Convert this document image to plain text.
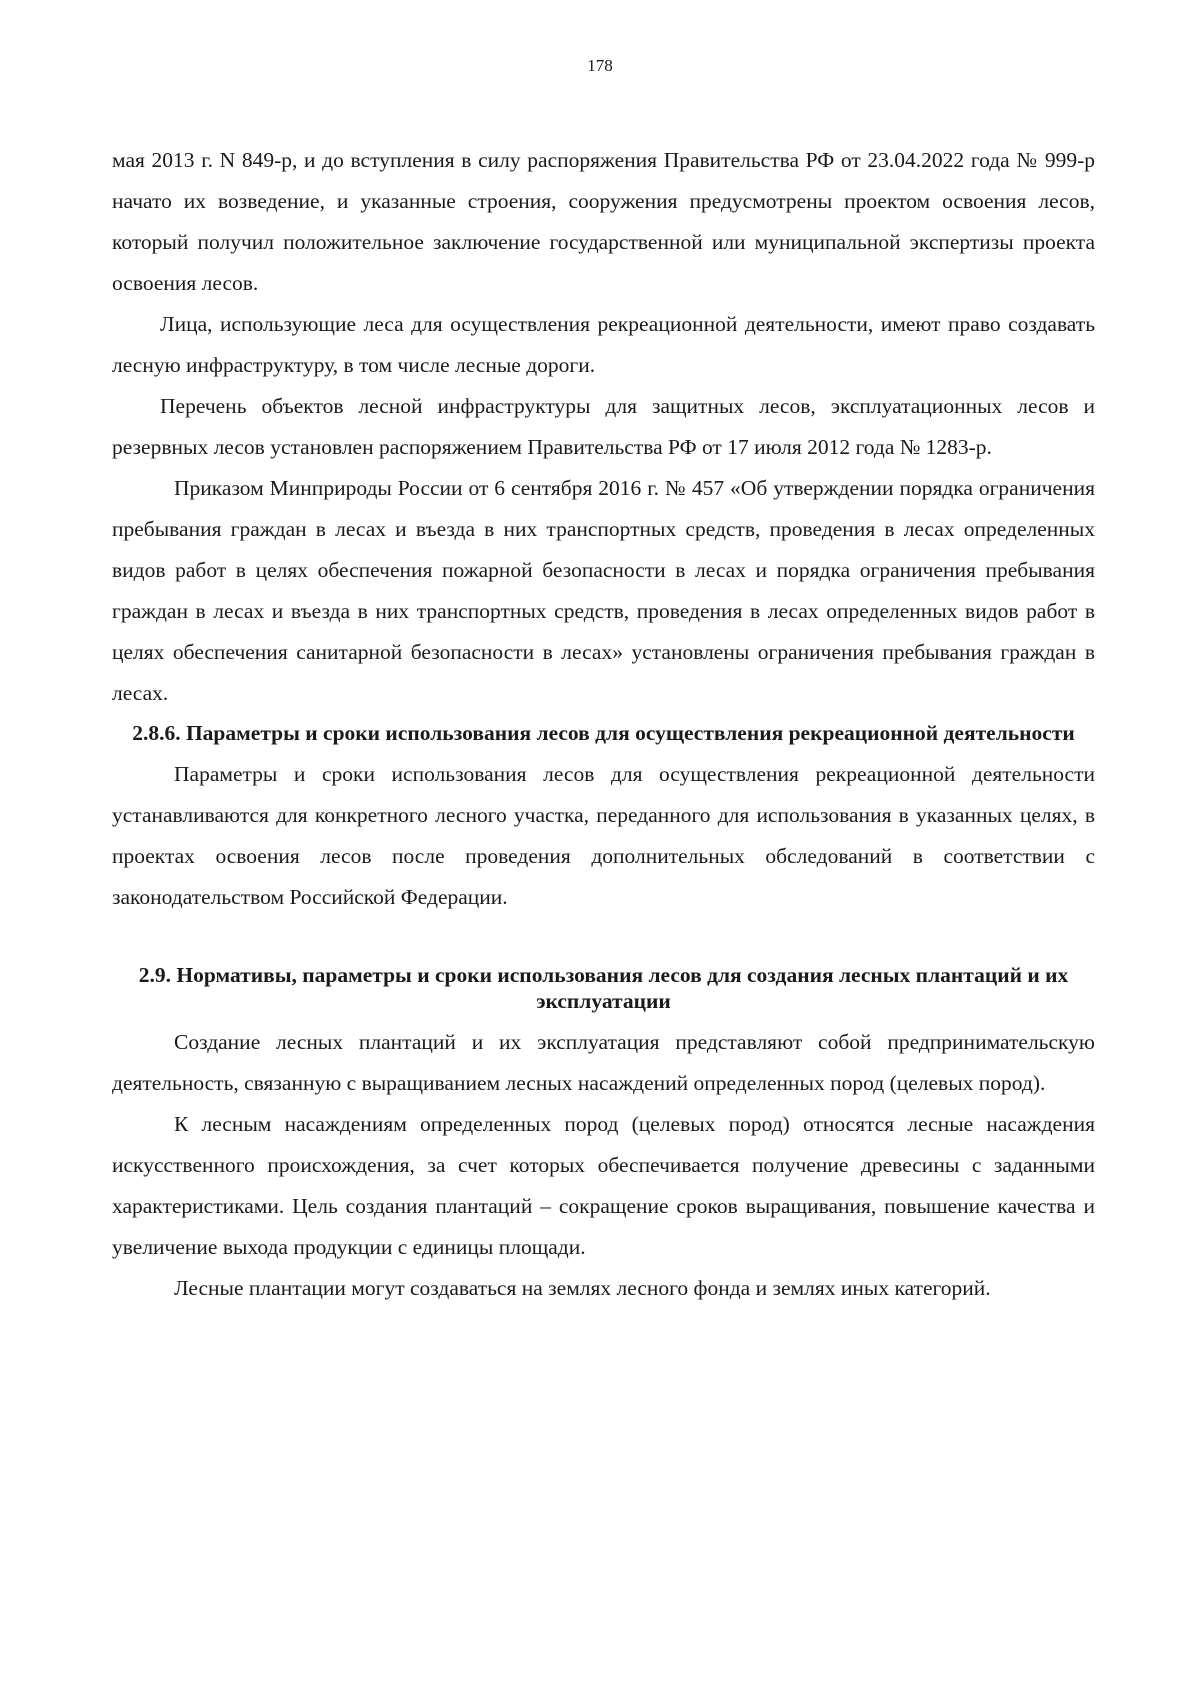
178

мая 2013 г. N 849-р, и до вступления в силу распоряжения Правительства РФ от 23.04.2022 года № 999-р начато их возведение, и указанные строения, сооружения предусмотрены проектом освоения лесов, который получил положительное заключение государственной или муниципальной экспертизы проекта освоения лесов.

Лица, использующие леса для осуществления рекреационной деятельности, имеют право создавать лесную инфраструктуру, в том числе лесные дороги.

Перечень объектов лесной инфраструктуры для защитных лесов, эксплуатационных лесов и резервных лесов установлен распоряжением Правительства РФ от 17 июля 2012 года № 1283-р.

Приказом Минприроды России от 6 сентября 2016 г. № 457 «Об утверждении порядка ограничения пребывания граждан в лесах и въезда в них транспортных средств, проведения в лесах определенных видов работ в целях обеспечения пожарной безопасности в лесах и порядка ограничения пребывания граждан в лесах и въезда в них транспортных средств, проведения в лесах определенных видов работ в целях обеспечения санитарной безопасности в лесах» установлены ограничения пребывания граждан в лесах.

2.8.6. Параметры и сроки использования лесов для осуществления рекреационной деятельности

Параметры и сроки использования лесов для осуществления рекреационной деятельности устанавливаются для конкретного лесного участка, переданного для использования в указанных целях, в проектах освоения лесов после проведения дополнительных обследований в соответствии с законодательством Российской Федерации.

2.9. Нормативы, параметры и сроки использования лесов для создания лесных плантаций и их эксплуатации

Создание лесных плантаций и их эксплуатация представляют собой предпринимательскую деятельность, связанную с выращиванием лесных насаждений определенных пород (целевых пород).

К лесным насаждениям определенных пород (целевых пород) относятся лесные насаждения искусственного происхождения, за счет которых обеспечивается получение древесины с заданными характеристиками. Цель создания плантаций – сокращение сроков выращивания, повышение качества и увеличение выхода продукции с единицы площади.

Лесные плантации могут создаваться на землях лесного фонда и землях иных категорий.
